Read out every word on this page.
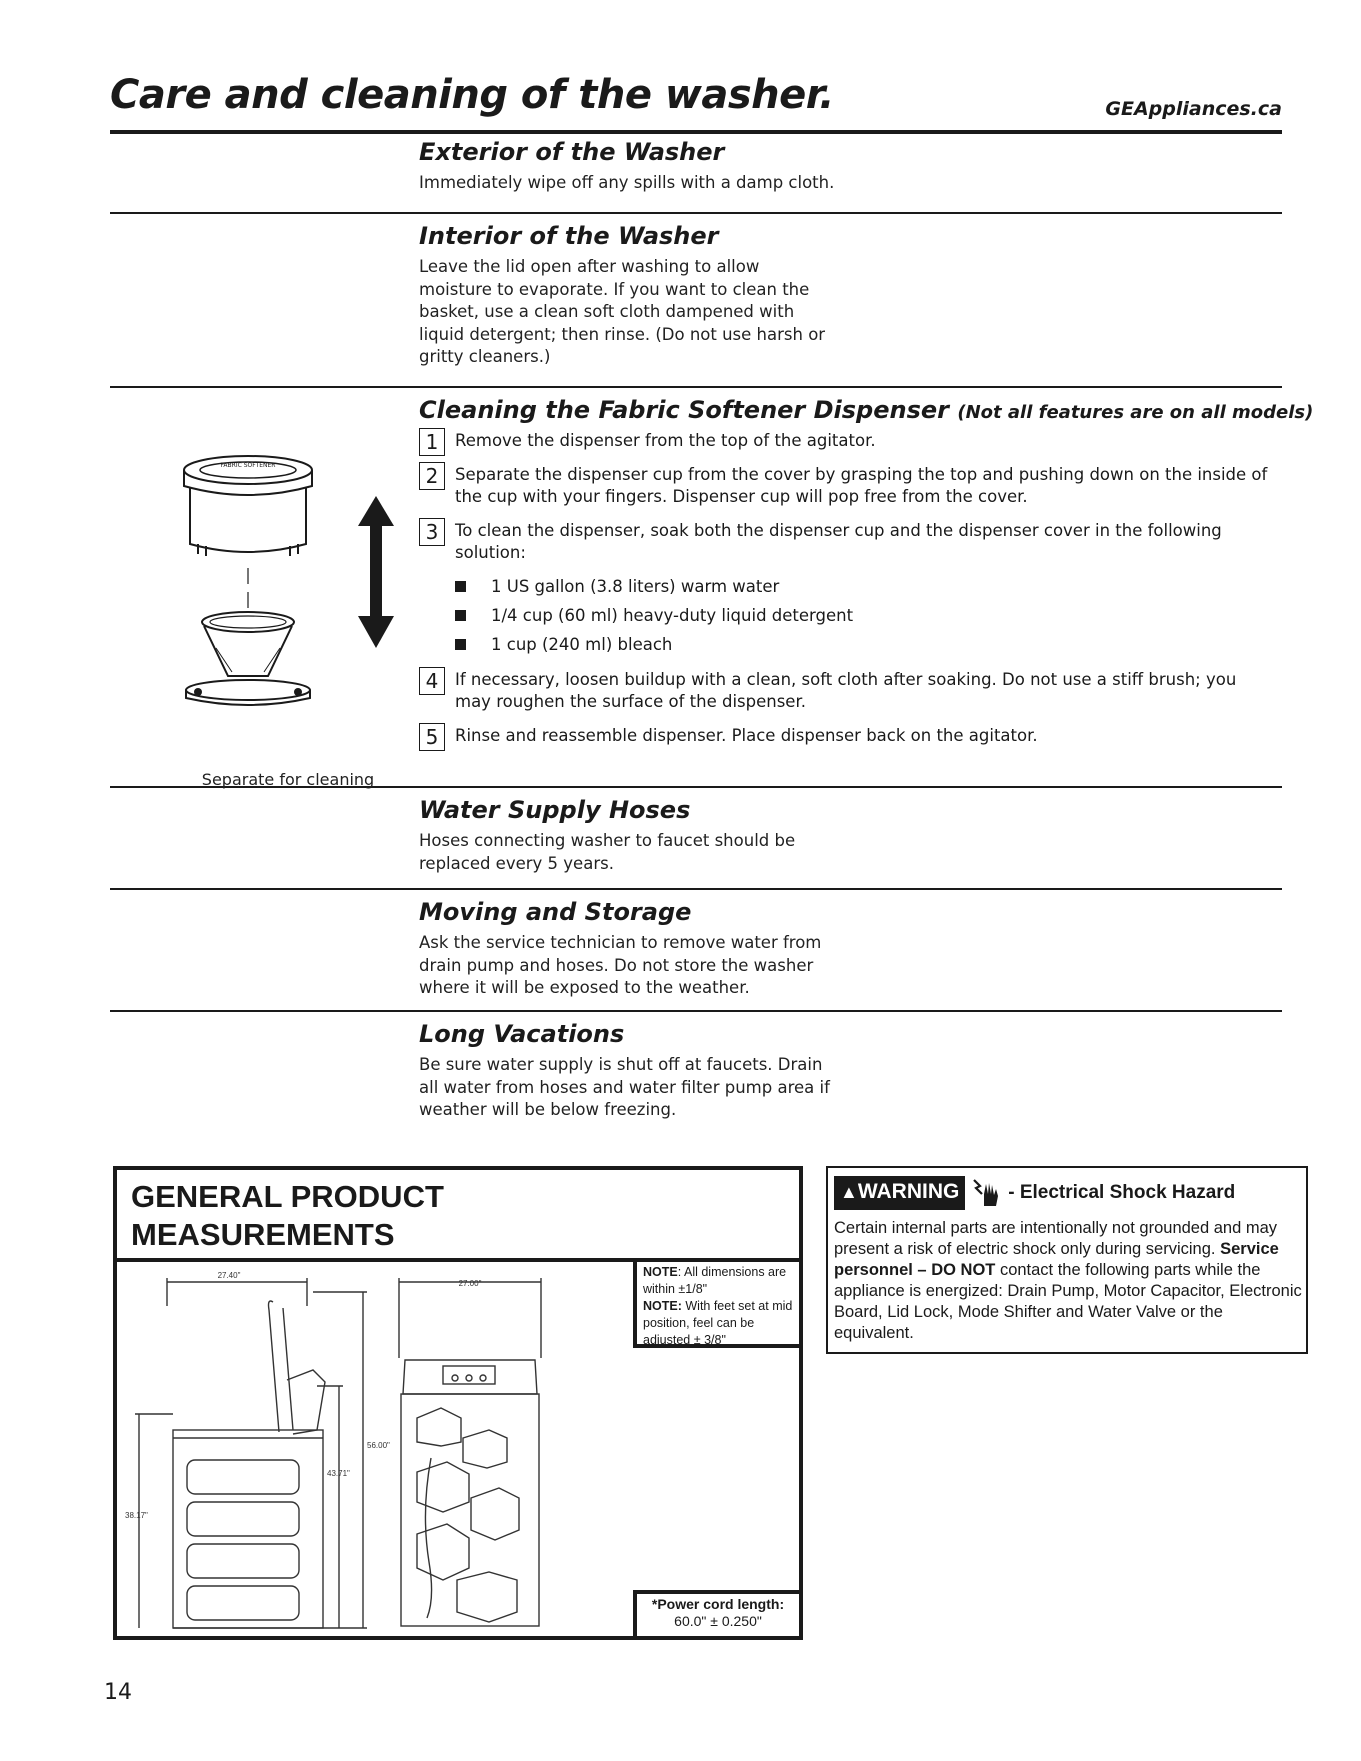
Care and cleaning of the washer.	GEAppliances.ca
Exterior of the Washer

Immediately wipe off any spills with a damp cloth.

Interior of the Washer

Leave the lid open after washing to allow
moisture to evaporate. If you want to clean the
basket, use a clean soft cloth dampened with
liquid detergent; then rinse. (Do not use harsh or
gritty cleaners.)

FABRIC SOFTENER
Separate for cleaning
Cleaning the Fabric Softener Dispenser (Not all features are on all models)
1	Remove the dispenser from the top of the agitator.
2	Separate the dispenser cup from the cover by grasping the top and pushing down on the inside of the cup with your fingers. Dispenser cup will pop free from the cover.
3	To clean the dispenser, soak both the dispenser cup and the dispenser cover in the following solution:
1 US gallon (3.8 liters) warm water
1/4 cup (60 ml) heavy-duty liquid detergent
1 cup (240 ml) bleach
4	If necessary, loosen buildup with a clean, soft cloth after soaking. Do not use a stiff brush; you may roughen the surface of the dispenser.
5	Rinse and reassemble dispenser. Place dispenser back on the agitator.
Water Supply Hoses

Hoses connecting washer to faucet should be
replaced every 5 years.

Moving and Storage

Ask the service technician to remove water from
drain pump and hoses. Do not store the washer
where it will be exposed to the weather.

Long Vacations

Be sure water supply is shut off at faucets. Drain
all water from hoses and water filter pump area if
weather will be below freezing.

GENERAL PRODUCT
MEASUREMENTS
27.40"
56.00"
43.71"
38.17"
27.00"
NOTE: All dimensions are within ±1/8"
NOTE: With feet set at mid position, feel can be adjusted ± 3/8"
*Power cord length:
60.0" ± 0.250"
▲WARNING	- Electrical Shock Hazard
Certain internal parts are intentionally not grounded and may present a risk of electric shock only during servicing. Service personnel – DO NOT contact the following parts while the appliance is energized: Drain Pump, Motor Capacitor, Electronic Board, Lid Lock, Mode Shifter and Water Valve or the equivalent.
14
